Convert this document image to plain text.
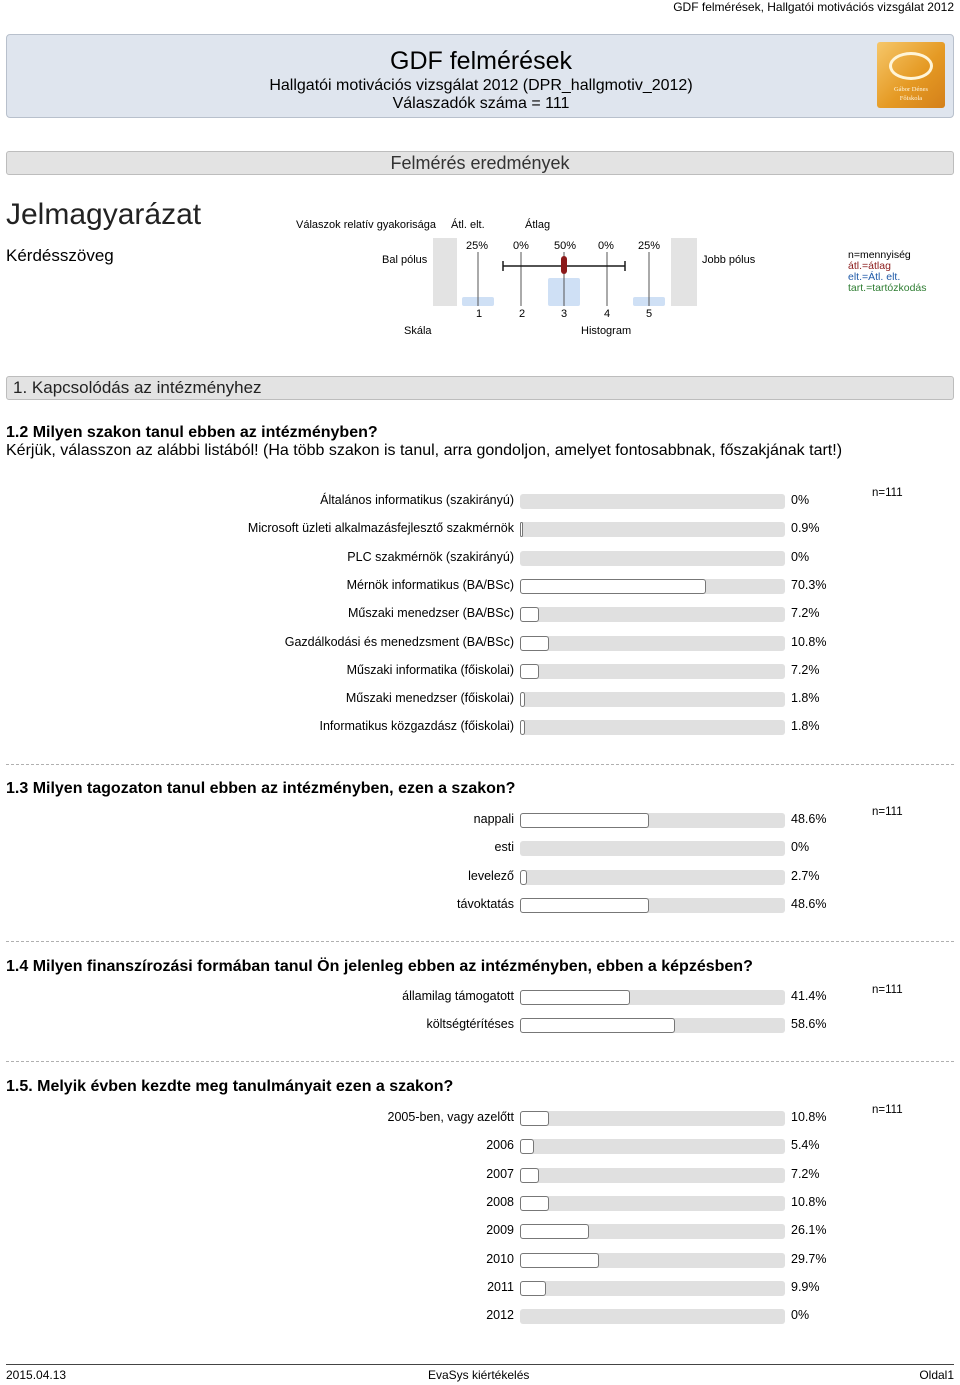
GDF felmérések, Hallgatói motivációs vizsgálat 2012
GDF felmérések
Hallgatói motivációs vizsgálat 2012 (DPR_hallgmotiv_2012)
Válaszadók száma = 111
Gábor Dénes
Főiskola
Felmérés eredmények
Jelmagyarázat
Kérdésszöveg
Válaszok relatív gyakorisága Átl. elt.	Átlag
25% 0% 50% 0% 25%
Bal pólus	Jobb pólus
1	2	3	4	5
Skála	Histogram
n=mennyiség
átl.=átlag
elt.=Átl. elt.
tart.=tartózkodás
1. Kapcsolódás az intézményhez
1.2 Milyen szakon tanul ebben az intézményben?
Kérjük, válasszon az alábbi listából! (Ha több szakon is tanul, arra gondoljon, amelyet fontosabbnak, főszakjának tart!)
n=111
Általános informatikus (szakirányú)	0%
Microsoft üzleti alkalmazásfejlesztő szakmérnök	0.9%
PLC szakmérnök (szakirányú)	0%
Mérnök informatikus (BA/BSc)	70.3%
Műszaki menedzser (BA/BSc)	7.2%
Gazdálkodási és menedzsment (BA/BSc)	10.8%
Műszaki informatika (főiskolai)	7.2%
Műszaki menedzser (főiskolai)	1.8%
Informatikus közgazdász (főiskolai)	1.8%
1.3 Milyen tagozaton tanul ebben az intézményben, ezen a szakon?
n=111
nappali	48.6%
esti	0%
levelező	2.7%
távoktatás	48.6%
1.4 Milyen finanszírozási formában tanul Ön jelenleg ebben az intézményben, ebben a képzésben?
n=111
államilag támogatott	41.4%
költségtérítéses	58.6%
1.5. Melyik évben kezdte meg tanulmányait ezen a szakon?
n=111
2005-ben, vagy azelőtt	10.8%
2006	5.4%
2007	7.2%
2008	10.8%
2009	26.1%
2010	29.7%
2011	9.9%
2012	0%
2015.04.13	EvaSys kiértékelés	Oldal1
